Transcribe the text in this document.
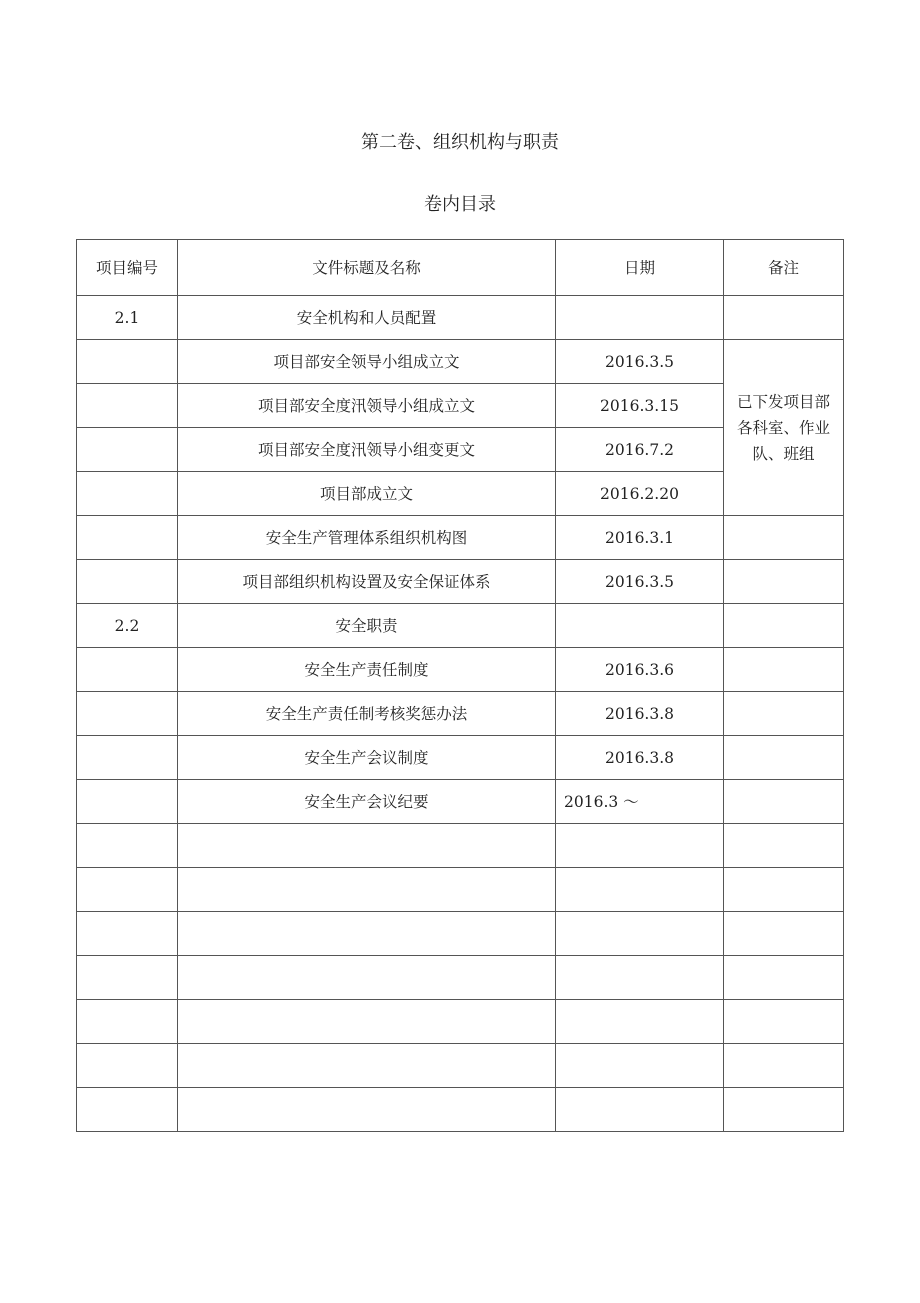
第二卷、组织机构与职责
卷内目录
项目编号	文件标题及名称	日期	备注
2.1	安全机构和人员配置		
	项目部安全领导小组成立文	2016.3.5	已下发项目部各科室、作业队、班组

	项目部安全度汛领导小组成立文	2016.3.15	
	项目部安全度汛领导小组变更文	2016.7.2	
	项目部成立文	2016.2.20	
	安全生产管理体系组织机构图	2016.3.1	
	项目部组织机构设置及安全保证体系	2016.3.5	
2.2	安全职责		
	安全生产责任制度	2016.3.6	
	安全生产责任制考核奖惩办法	2016.3.8	
	安全生产会议制度	2016.3.8	
	安全生产会议纪要	2016.3 ～	
